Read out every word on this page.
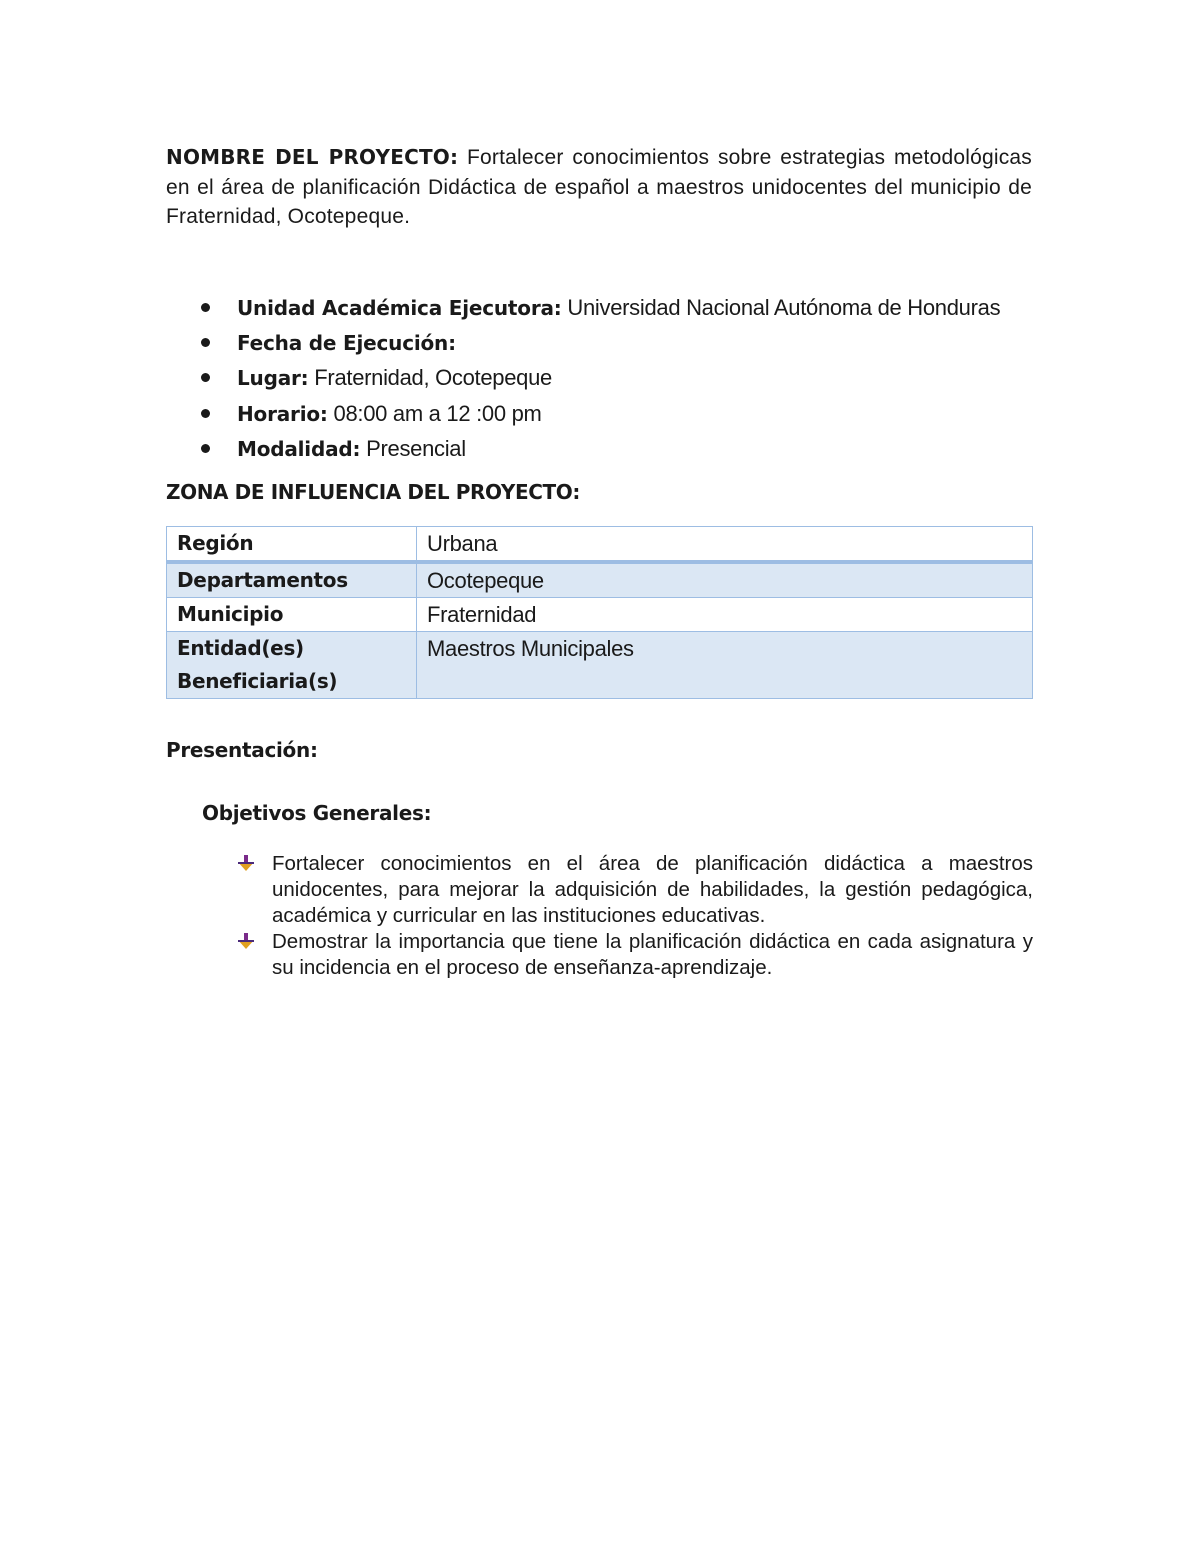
NOMBRE DEL PROYECTO: Fortalecer conocimientos sobre estrategias metodológicas en el área de planificación Didáctica de español a maestros unidocentes del municipio de Fraternidad, Ocotepeque.
Unidad Académica Ejecutora: Universidad Nacional Autónoma de Honduras
Fecha de Ejecución:
Lugar: Fraternidad, Ocotepeque
Horario: 08:00 am a 12 :00 pm
Modalidad: Presencial
ZONA DE INFLUENCIA DEL PROYECTO:
Región	Urbana
Departamentos	Ocotepeque
Municipio	Fraternidad

Entidad(es)
Beneficiaria(s)	Maestros Municipales
Presentación:
Objetivos Generales:
Fortalecer conocimientos en el área de planificación didáctica a maestros unidocentes, para mejorar la adquisición de habilidades, la gestión pedagógica, académica y curricular en las instituciones educativas.
Demostrar la importancia que tiene la planificación didáctica en cada asignatura y su incidencia en el proceso de enseñanza-aprendizaje.
